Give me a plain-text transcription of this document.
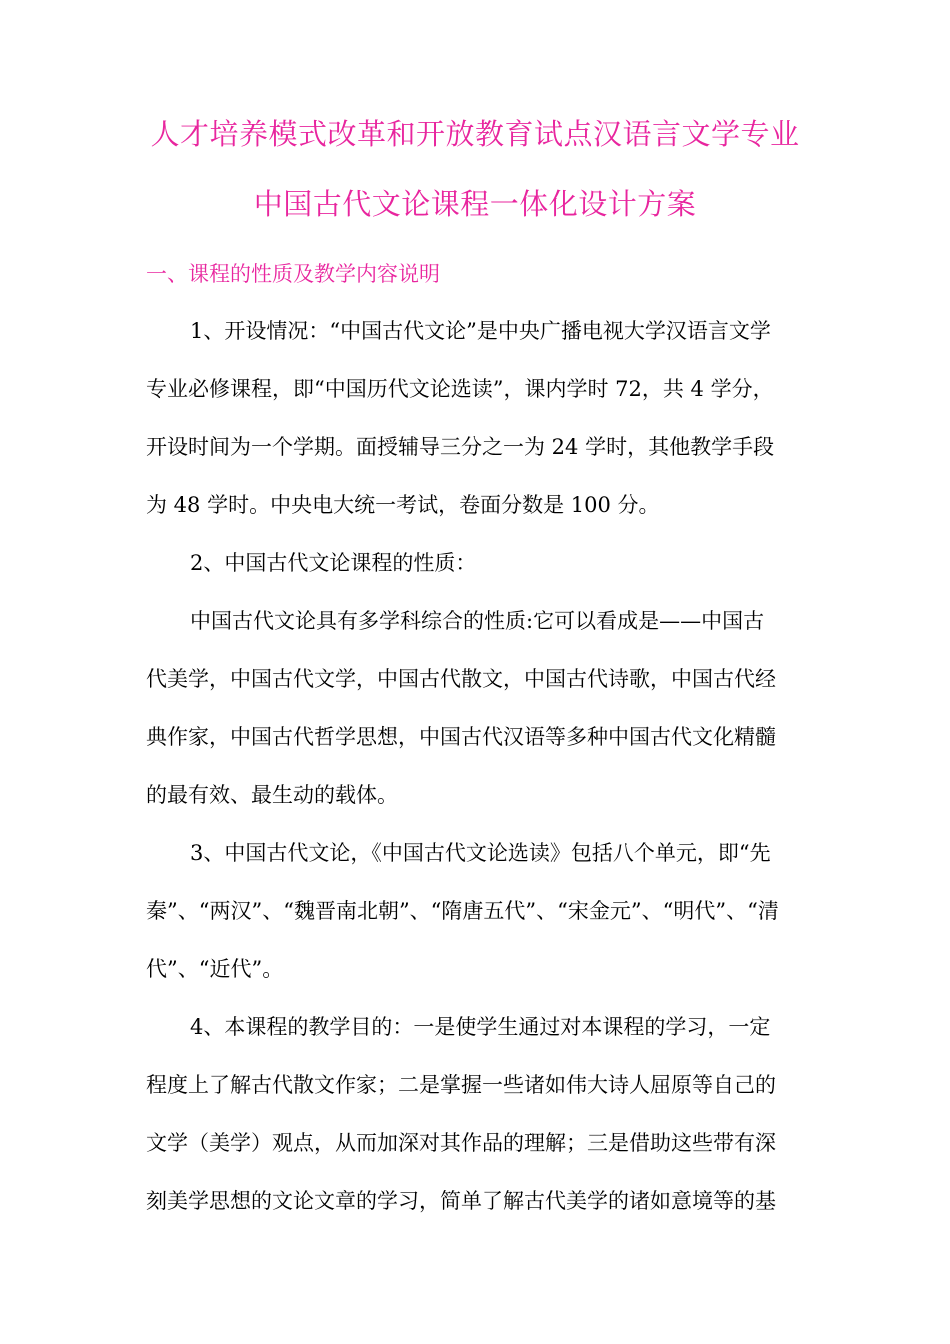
人才培养模式改革和开放教育试点汉语言文学专业
中国古代文论课程一体化设计方案
一、课程的性质及教学内容说明
1、开设情况：“中国古代文论”是中央广播电视大学汉语言文学
专业必修课程，即“中国历代文论选读”，课内学时 72，共 4 学分，
开设时间为一个学期。面授辅导三分之一为 24 学时，其他教学手段
为 48 学时。中央电大统一考试，卷面分数是 100 分。
2、中国古代文论课程的性质：
中国古代文论具有多学科综合的性质:它可以看成是——中国古
代美学，中国古代文学，中国古代散文，中国古代诗歌，中国古代经
典作家，中国古代哲学思想，中国古代汉语等多种中国古代文化精髓
的最有效、最生动的载体。
3、中国古代文论，《中国古代文论选读》包括八个单元，即“先
秦”、“两汉”、“魏晋南北朝”、“隋唐五代”、“宋金元”、“明代”、“清
代”、“近代”。
4、本课程的教学目的：一是使学生通过对本课程的学习，一定
程度上了解古代散文作家；二是掌握一些诸如伟大诗人屈原等自己的
文学（美学）观点，从而加深对其作品的理解；三是借助这些带有深
刻美学思想的文论文章的学习，简单了解古代美学的诸如意境等的基
